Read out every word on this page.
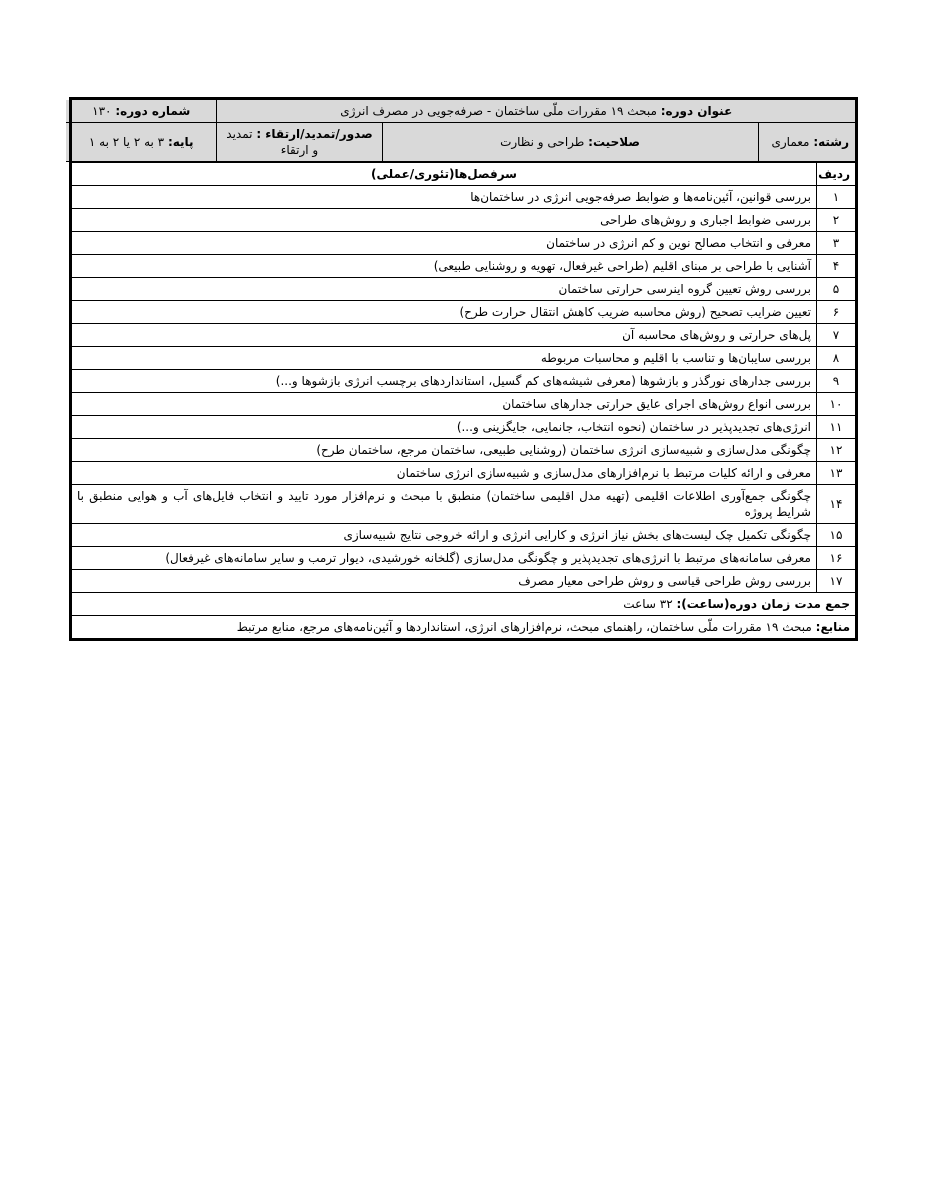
عنوان دوره: مبحث ۱۹ مقررات ملّی ساختمان - صرفه‌جویی در مصرف انرژی	شماره دوره: ۱۳۰
رشته: معماری	صلاحیت: طراحی و نظارت	صدور/تمدید/ارتقاء : تمدید و ارتقاء	پایه: ۳ به ۲ یا ۲ به ۱

ردیف	سرفصل‌ها(تئوری/عملی)
۱	بررسی قوانین، آئین‌نامه‌ها و ضوابط صرفه‌جویی انرژی در ساختمان‌ها
۲	بررسی ضوابط اجباری و روش‌های طراحی
۳	معرفی و انتخاب مصالح نوین و کم انرژی در ساختمان
۴	آشنایی با طراحی بر مبنای اقلیم (طراحی غیرفعال، تهویه و روشنایی طبیعی)
۵	بررسی روش تعیین گروه اینرسی حرارتی ساختمان
۶	تعیین ضرایب تصحیح (روش محاسبه ضریب کاهش انتقال حرارت طرح)
۷	پل‌های حرارتی و روش‌های محاسبه آن
۸	بررسی سایبان‌ها و تناسب با اقلیم و محاسبات مربوطه
۹	بررسی جدارهای نورگذر و بازشوها (معرفی شیشه‌های کم گسیل، استانداردهای برچسب انرژی بازشوها و...)
۱۰	بررسی انواع روش‌های اجرای عایق حرارتی جدارهای ساختمان
۱۱	انرژی‌های تجدیدپذیر در ساختمان (نحوه انتخاب، جانمایی، جایگزینی و...)
۱۲	چگونگی مدل‌سازی و شبیه‌سازی انرژی ساختمان (روشنایی طبیعی، ساختمان مرجع، ساختمان طرح)
۱۳	معرفی و ارائه کلیات مرتبط با نرم‌افزارهای مدل‌سازی و شبیه‌سازی انرژی ساختمان
۱۴	چگونگی جمع‌آوری اطلاعات اقلیمی (تهیه مدل اقلیمی ساختمان) منطبق با مبحث و نرم‌افزار مورد تایید و انتخاب فایل‌های آب و هوایی منطبق با شرایط پروژه
۱۵	چگونگی تکمیل چک لیست‌های بخش نیاز انرژی و کارایی انرژی و ارائه خروجی نتایج شبیه‌سازی
۱۶	معرفی سامانه‌های مرتبط با انرژی‌های تجدیدپذیر و چگونگی مدل‌سازی (گلخانه خورشیدی، دیوار ترمب و سایر سامانه‌های غیرفعال)
۱۷	بررسی روش طراحی قیاسی و روش طراحی معیار مصرف
جمع مدت زمان دوره(ساعت): ۳۲ ساعت
منابع: مبحث ۱۹ مقررات ملّی ساختمان، راهنمای مبحث، نرم‌افزارهای انرژی، استانداردها و آئین‌نامه‌های مرجع، منابع مرتبط
